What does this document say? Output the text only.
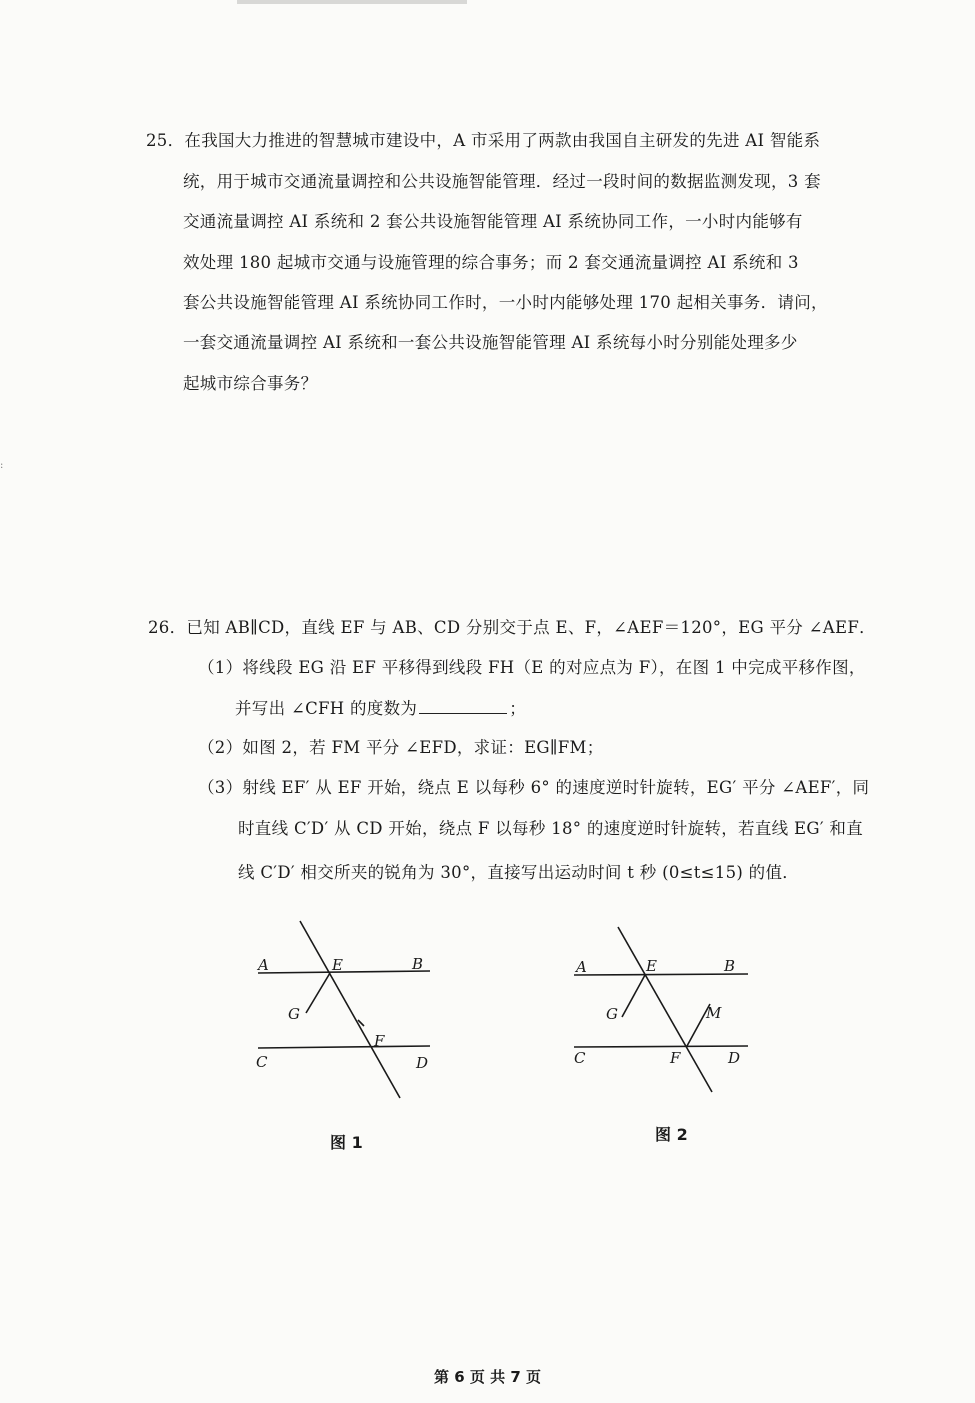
:
25．在我国大力推进的智慧城市建设中，A 市采用了两款由我国自主研发的先进 AI 智能系
统，用于城市交通流量调控和公共设施智能管理．经过一段时间的数据监测发现，3 套
交通流量调控 AI 系统和 2 套公共设施智能管理 AI 系统协同工作，一小时内能够有
效处理 180 起城市交通与设施管理的综合事务；而 2 套交通流量调控 AI 系统和 3
套公共设施智能管理 AI 系统协同工作时，一小时内能够处理 170 起相关事务．请问，
一套交通流量调控 AI 系统和一套公共设施智能管理 AI 系统每小时分别能处理多少
起城市综合事务？
26．已知 AB∥CD，直线 EF 与 AB、CD 分别交于点 E、F，∠AEF＝120°，EG 平分 ∠AEF．
（1）将线段 EG 沿 EF 平移得到线段 FH（E 的对应点为 F），在图 1 中完成平移作图，
并写出 ∠CFH 的度数为	；
（2）如图 2，若 FM 平分 ∠EFD，求证：EG∥FM；
（3）射线 EF′ 从 EF 开始，绕点 E 以每秒 6° 的速度逆时针旋转，EG′ 平分 ∠AEF′，同
时直线 C′D′ 从 CD 开始，绕点 F 以每秒 18° 的速度逆时针旋转，若直线 EG′ 和直
线 C′D′ 相交所夹的锐角为 30°，直接写出运动时间 t 秒 (0≤t≤15) 的值．
A	E	B
G
F
C	D
图 1
A	E	B
G	M
C	F	D
图 2
第 6 页 共 7 页
